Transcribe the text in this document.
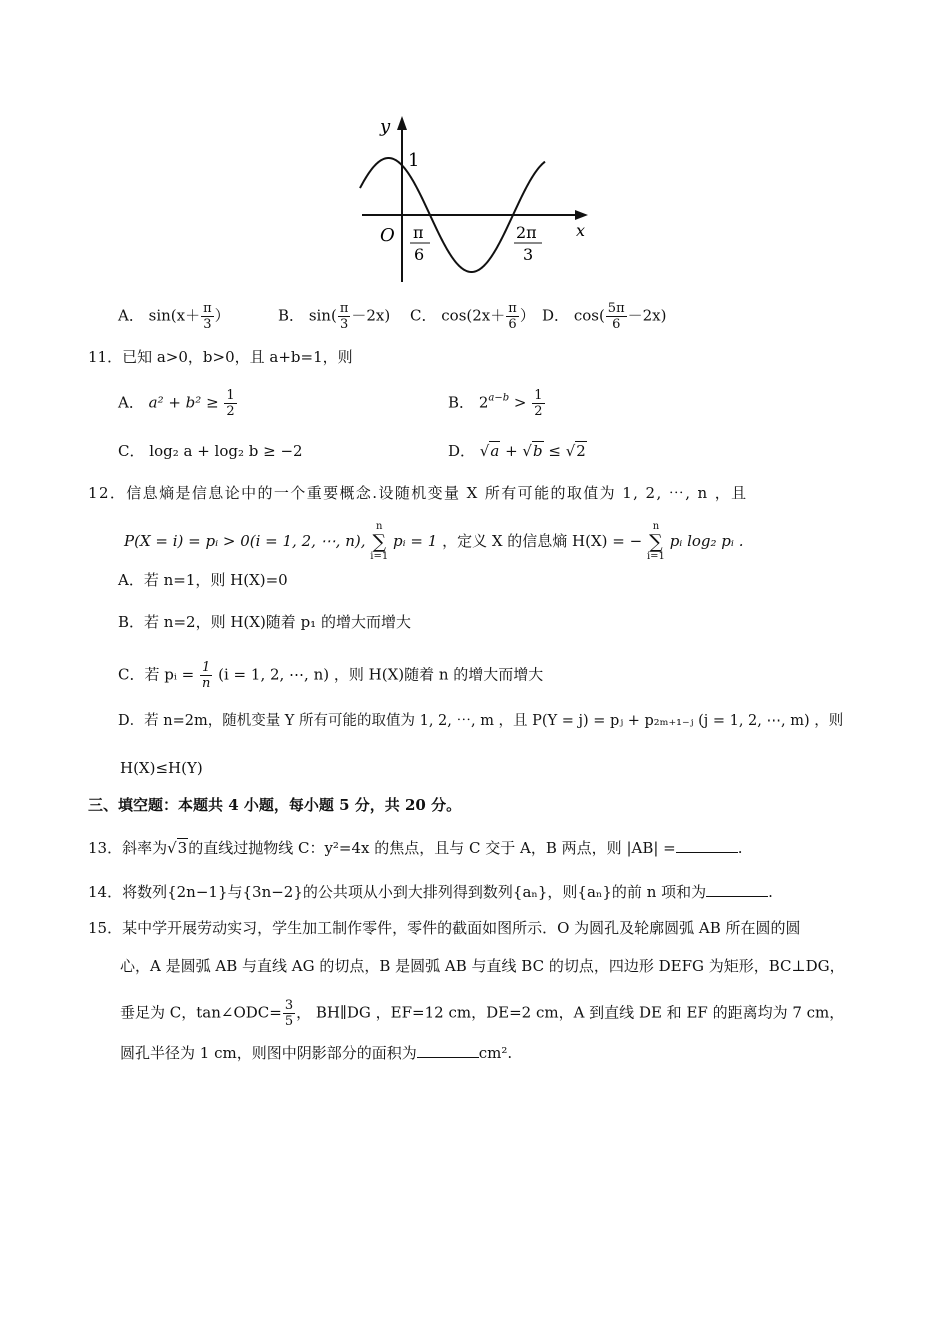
y
x
O
1
π
6
2π
3
A． $\sin(x+ \frac{\pi}{3}$ ）	B． $\sin( \frac{\pi}{3} -2x)$ C． $\cos(2x+ \frac{\pi}{6}$ ） D． $\cos( \frac{5\pi}{6} -2x)$
11．已知 a>0，b>0，且 a+b=1，则
A． $a^2 + b^2 \ge \frac{1}{2}$	B． $2^{a-b} > \frac{1}{2}$
C． log₂ a + log₂ b ≥ −2	D． √a + √b ≤ √2
12．信息熵是信息论中的一个重要概念.设随机变量 X 所有可能的取值为 1, 2, ⋯, n ，且
P(X = i) = pᵢ > 0(i = 1, 2, ⋯, n), n
∑
i=1 pᵢ = 1 ，定义 X 的信息熵 H(X) = − n
∑
i=1 pᵢ log₂ pᵢ .
A．若 n=1，则 H(X)=0
B．若 n=2，则 H(X)随着 p₁ 的增大而增大
C．若 pᵢ = $\frac{1}{n} (i = 1$, 2, ⋯, n) ，则 H(X)随着 n 的增大而增大
D．若 n=2m，随机变量 Y 所有可能的取值为 1, 2, ⋯, m ，且 P(Y = j) = pⱼ + p₂ₘ₊₁₋ⱼ (j = 1, 2, ⋯, m) ，则
H(X)≤H(Y)
三、填空题：本题共 4 小题，每小题 5 分，共 20 分。
13．斜率为√3的直线过抛物线 C：y²=4x 的焦点，且与 C 交于 A，B 两点，则 |AB| =	.
14．将数列{2n−1}与{3n−2}的公共项从小到大排列得到数列{aₙ}，则{aₙ}的前 n 项和为	.
15．某中学开展劳动实习，学生加工制作零件，零件的截面如图所示．O 为圆孔及轮廓圆弧 AB 所在圆的圆
心，A 是圆弧 AB 与直线 AG 的切点，B 是圆弧 AB 与直线 BC 的切点，四边形 DEFG 为矩形，BC⊥DG，
垂足为 C，tan∠ODC= $\frac{3}{5}$ ， BH∥DG ，EF=12 cm，DE=2 cm，A 到直线 DE 和 EF 的距离均为 7 cm，
圆孔半径为 1 cm，则图中阴影部分的面积为	cm².
